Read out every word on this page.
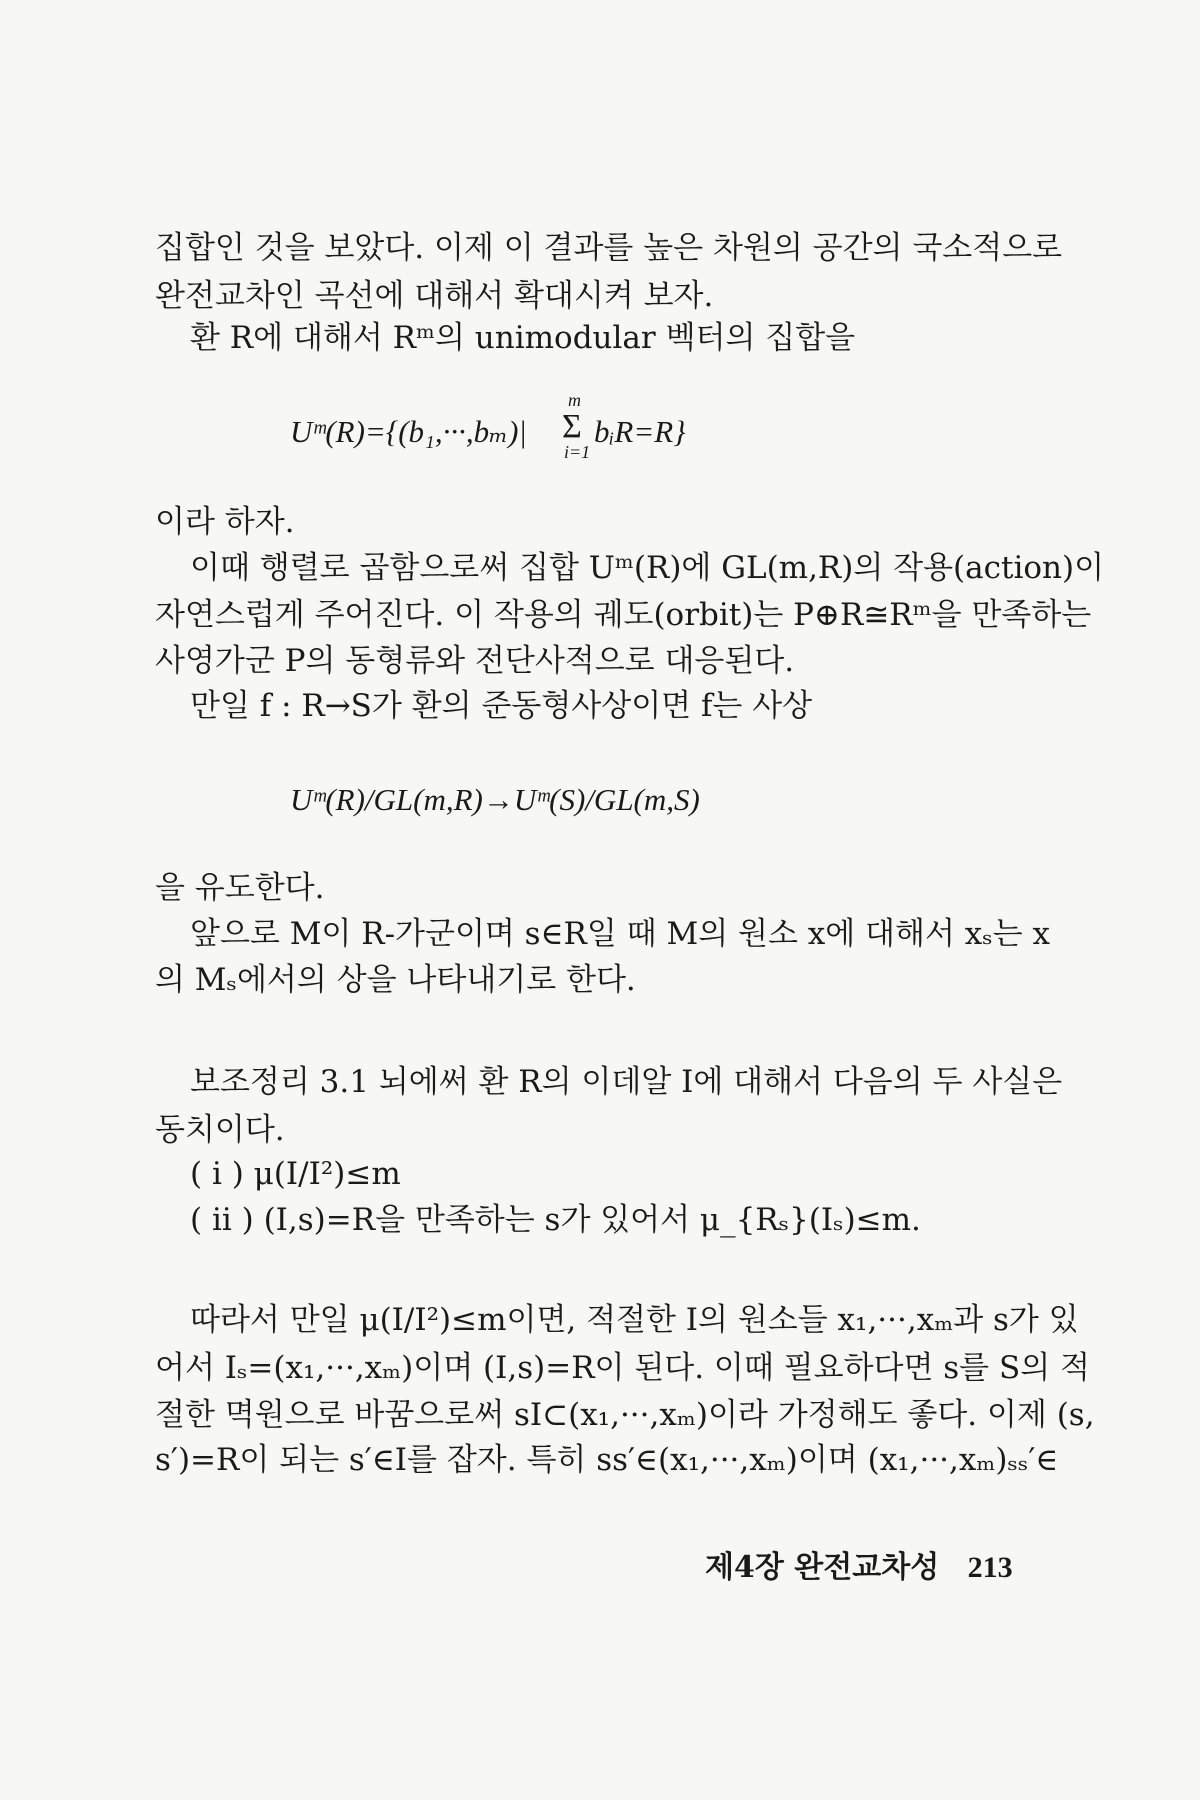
집합인 것을 보았다. 이제 이 결과를 높은 차원의 공간의 국소적으로
완전교차인 곡선에 대해서 확대시켜 보자.
환 R에 대해서 Rᵐ의 unimodular 벡터의 집합을
Uᵐ(R)={(b₁,···,bₘ)|
m
Σ
i=1
bᵢR=R}
이라 하자.
이때 행렬로 곱함으로써 집합 Uᵐ(R)에 GL(m,R)의 작용(action)이
자연스럽게 주어진다. 이 작용의 궤도(orbit)는 P⊕R≅Rᵐ을 만족하는
사영가군 P의 동형류와 전단사적으로 대응된다.
만일 f : R→S가 환의 준동형사상이면 f는 사상
Uᵐ(R)/GL(m,R)→Uᵐ(S)/GL(m,S)
을 유도한다.
앞으로 M이 R-가군이며 s∈R일 때 M의 원소 x에 대해서 xₛ는 x
의 Mₛ에서의 상을 나타내기로 한다.
보조정리 3.1 뇌에써 환 R의 이데알 I에 대해서 다음의 두 사실은
동치이다.
( i ) μ(I/I²)≤m
( ii ) (I,s)=R을 만족하는 s가 있어서 μ_{Rₛ}(Iₛ)≤m.
따라서 만일 μ(I/I²)≤m이면, 적절한 I의 원소들 x₁,···,xₘ과 s가 있
어서 Iₛ=(x₁,···,xₘ)이며 (I,s)=R이 된다. 이때 필요하다면 s를 S의 적
절한 멱원으로 바꿈으로써 sI⊂(x₁,···,xₘ)이라 가정해도 좋다. 이제 (s,
s′)=R이 되는 s′∈I를 잡자. 특히 ss′∈(x₁,···,xₘ)이며 (x₁,···,xₘ)ₛₛ′∈
제4장 완전교차성 213
